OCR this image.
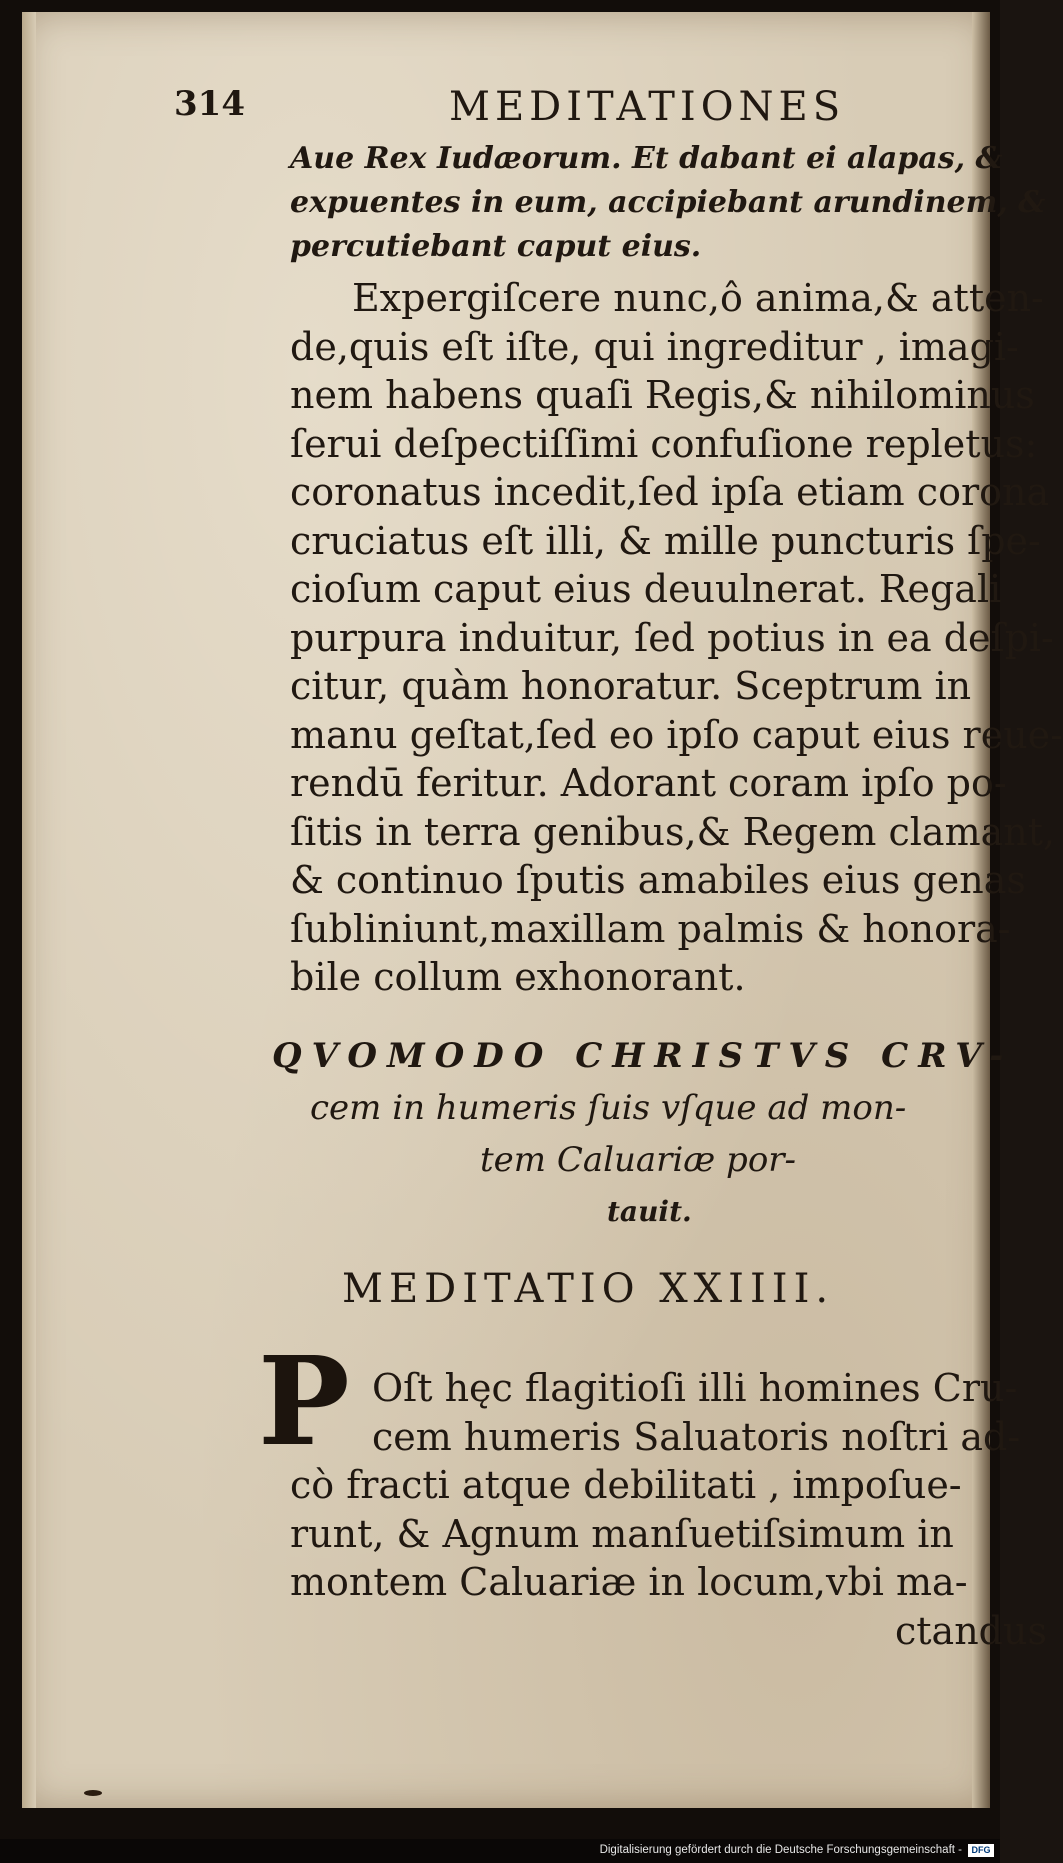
314	MEDITATIONES
Aue Rex Iudæorum. Et dabant ei alapas, &
expuentes in eum, accipiebant arundinem, &
percutiebant caput eius.
Expergiſcere nunc,ô anima,& atten-
de,quis eſt iſte, qui ingreditur , imagi-
nem habens quaſi Regis,& nihilominus
ſerui deſpectiſſimi confuſione repletus:
coronatus incedit,ſed ipſa etiam corona
cruciatus eſt illi, & mille puncturis ſpe-
cioſum caput eius deuulnerat. Regali
purpura induitur, ſed potius in ea deſpi-
citur, quàm honoratur. Sceptrum in
manu geſtat,ſed eo ipſo caput eius reue-
rendū feritur. Adorant coram ipſo po-
ſitis in terra genibus,& Regem clamant,
& continuo ſputis amabiles eius genas
ſubliniunt,maxillam palmis & honora-
bile collum exhonorant.
QVOMODO CHRISTVS CRV-
cem in humeris ſuis vſque ad mon-
tem Caluariæ por-
tauit.
MEDITATIO XXIIII.
P Oſt hęc flagitioſi illi homines Cru-
cem humeris Saluatoris noſtri ad-
cò fracti atque debilitati , impoſue-
runt, & Agnum manſuetiſsimum in
montem Caluariæ in locum,vbi ma-
ctandus
Digitalisierung gefördert durch die Deutsche Forschungsgemeinschaft -	DFG
